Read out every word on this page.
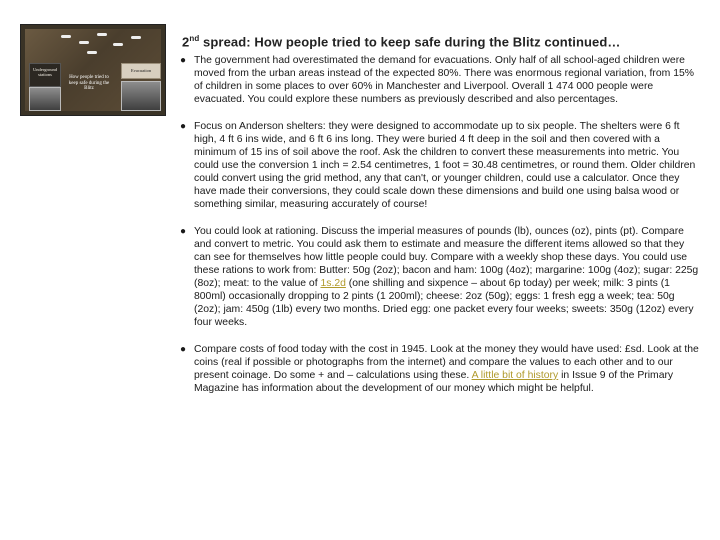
Underground stations
Evacuation
How people tried to keep safe during the Blitz
2nd spread: How people tried to keep safe during the Blitz continued…
● The government had overestimated the demand for evacuations. Only half of all school-aged children were moved from the urban areas instead of the expected 80%. There was enormous regional variation, from 15% of children in some places to over 60% in Manchester and Liverpool. Overall 1 474 000 people were evacuated. You could explore these numbers as previously described and also percentages.
● Focus on Anderson shelters: they were designed to accommodate up to six people. The shelters were 6 ft high, 4 ft 6 ins wide, and 6 ft 6 ins long. They were buried 4 ft deep in the soil and then covered with a minimum of 15 ins of soil above the roof. Ask the children to convert these measurements into metric. You could use the conversion 1 inch = 2.54 centimetres, 1 foot = 30.48 centimetres, or round them. Older children could convert using the grid method, any that can't, or younger children, could use a calculator. Once they have made their conversions, they could scale down these dimensions and build one using balsa wood or something similar, measuring accurately of course!
● You could look at rationing. Discuss the imperial measures of pounds (lb), ounces (oz), pints (pt). Compare and convert to metric. You could ask them to estimate and measure the different items allowed so that they can see for themselves how little people could buy. Compare with a weekly shop these days. You could use these rations to work from: Butter: 50g (2oz); bacon and ham: 100g (4oz); margarine: 100g (4oz); sugar: 225g (8oz); meat: to the value of 1s.2d (one shilling and sixpence – about 6p today) per week; milk: 3 pints (1 800ml) occasionally dropping to 2 pints (1 200ml); cheese: 2oz (50g); eggs: 1 fresh egg a week; tea: 50g (2oz); jam: 450g (1lb) every two months. Dried egg: one packet every four weeks; sweets: 350g (12oz) every four weeks.
● Compare costs of food today with the cost in 1945. Look at the money they would have used: £sd. Look at the coins (real if possible or photographs from the internet) and compare the values to each other and to our present coinage. Do some + and – calculations using these. A little bit of history in Issue 9 of the Primary Magazine has information about the development of our money which might be helpful.
